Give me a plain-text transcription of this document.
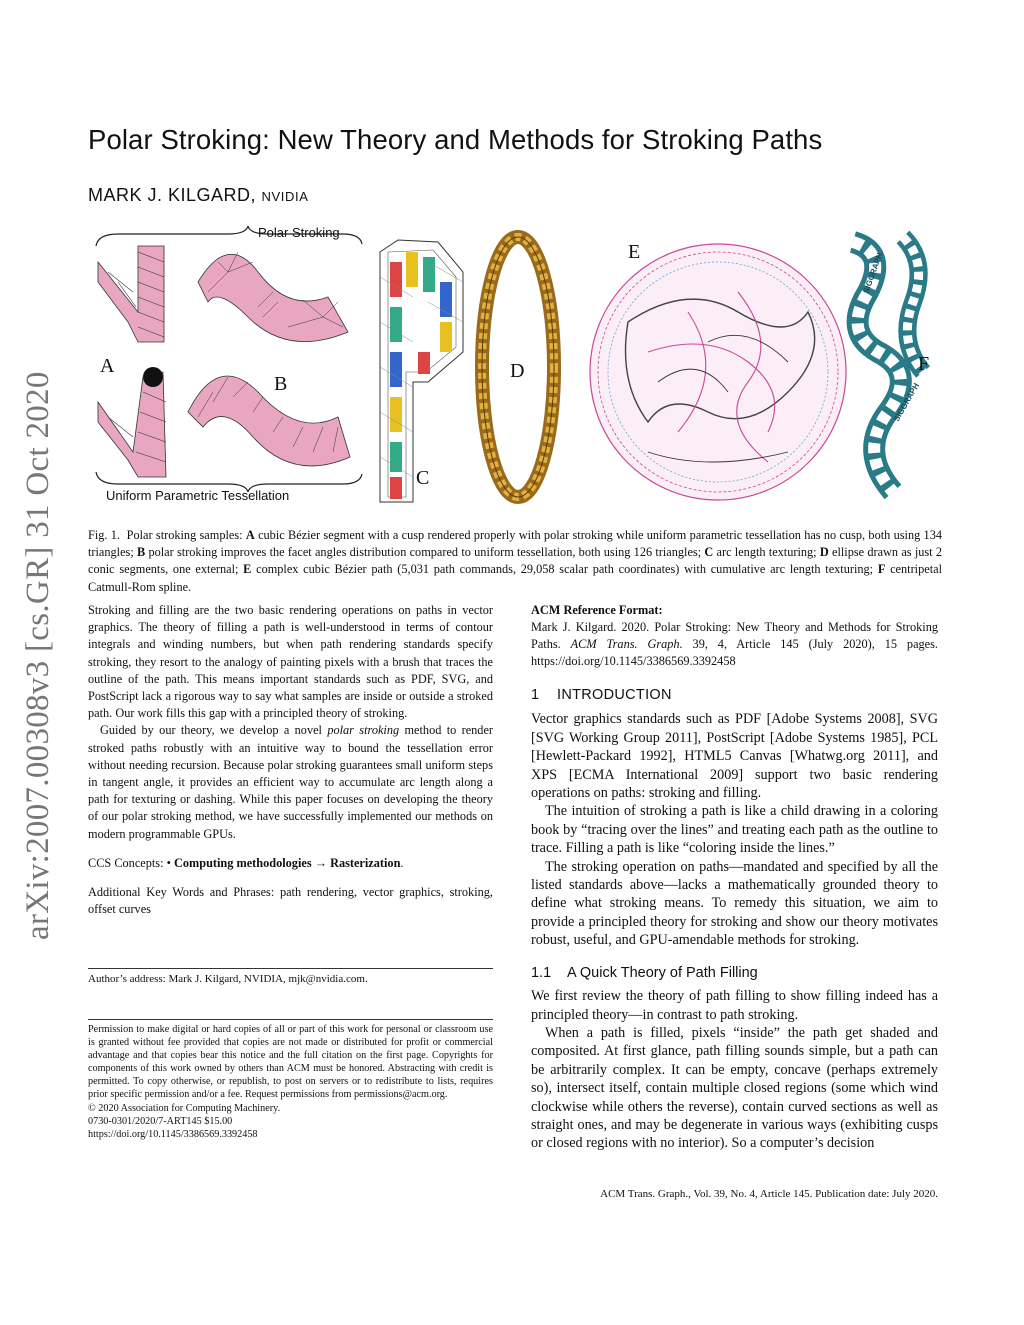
arXiv:2007.00308v3 [cs.GR] 31 Oct 2020
Polar Stroking: New Theory and Methods for Stroking Paths
MARK J. KILGARD, NVIDIA
Polar Stroking
A
B
Uniform Parametric Tessellation
C
D
E	SIGGRAPH
SIGGRAPH
F
Fig. 1. Polar stroking samples: A cubic Bézier segment with a cusp rendered properly with polar stroking while uniform parametric tessellation has no cusp, both using 134 triangles; B polar stroking improves the facet angles distribution compared to uniform tessellation, both using 126 triangles; C arc length texturing; D ellipse drawn as just 2 conic segments, one external; E complex cubic Bézier path (5,031 path commands, 29,058 scalar path coordinates) with cumulative arc length texturing; F centripetal Catmull-Rom spline.

Stroking and filling are the two basic rendering operations on paths in vector graphics. The theory of filling a path is well-understood in terms of contour integrals and winding numbers, but when path rendering standards specify stroking, they resort to the analogy of painting pixels with a brush that traces the outline of the path. This means important standards such as PDF, SVG, and PostScript lack a rigorous way to say what samples are inside or outside a stroked path. Our work fills this gap with a principled theory of stroking.

Guided by our theory, we develop a novel polar stroking method to render stroked paths robustly with an intuitive way to bound the tessellation error without needing recursion. Because polar stroking guarantees small uniform steps in tangent angle, it provides an efficient way to accumulate arc length along a path for texturing or dashing. While this paper focuses on developing the theory of our polar stroking method, we have successfully implemented our methods on modern programmable GPUs.

CCS Concepts: • Computing methodologies → Rasterization.

Additional Key Words and Phrases: path rendering, vector graphics, stroking, offset curves

Author’s address: Mark J. Kilgard, NVIDIA, mjk@nvidia.com.

Permission to make digital or hard copies of all or part of this work for personal or classroom use is granted without fee provided that copies are not made or distributed for profit or commercial advantage and that copies bear this notice and the full citation on the first page. Copyrights for components of this work owned by others than ACM must be honored. Abstracting with credit is permitted. To copy otherwise, or republish, to post on servers or to redistribute to lists, requires prior specific permission and/or a fee. Request permissions from permissions@acm.org.

© 2020 Association for Computing Machinery.

0730-0301/2020/7-ART145 $15.00

https://doi.org/10.1145/3386569.3392458

ACM Reference Format:

Mark J. Kilgard. 2020. Polar Stroking: New Theory and Methods for Stroking Paths. ACM Trans. Graph. 39, 4, Article 145 (July 2020), 15 pages. https://doi.org/10.1145/3386569.3392458

1 INTRODUCTION

Vector graphics standards such as PDF [Adobe Systems 2008], SVG [SVG Working Group 2011], PostScript [Adobe Systems 1985], PCL [Hewlett-Packard 1992], HTML5 Canvas [Whatwg.org 2011], and XPS [ECMA International 2009] support two basic rendering operations on paths: stroking and filling.

The intuition of stroking a path is like a child drawing in a coloring book by “tracing over the lines” and treating each path as the outline to trace. Filling a path is like “coloring inside the lines.”

The stroking operation on paths—mandated and specified by all the listed standards above—lacks a mathematically grounded theory to define what stroking means. To remedy this situation, we aim to provide a principled theory for stroking and show our theory motivates robust, useful, and GPU-amendable methods for stroking.

1.1 A Quick Theory of Path Filling

We first review the theory of path filling to show filling indeed has a principled theory—in contrast to path stroking.

When a path is filled, pixels “inside” the path get shaded and composited. At first glance, path filling sounds simple, but a path can be arbitrarily complex. It can be empty, concave (perhaps extremely so), intersect itself, contain multiple closed regions (some which wind clockwise while others the reverse), contain curved sections as well as straight ones, and may be degenerate in various ways (exhibiting cusps or closed regions with no interior). So a computer’s decision

ACM Trans. Graph., Vol. 39, No. 4, Article 145. Publication date: July 2020.
